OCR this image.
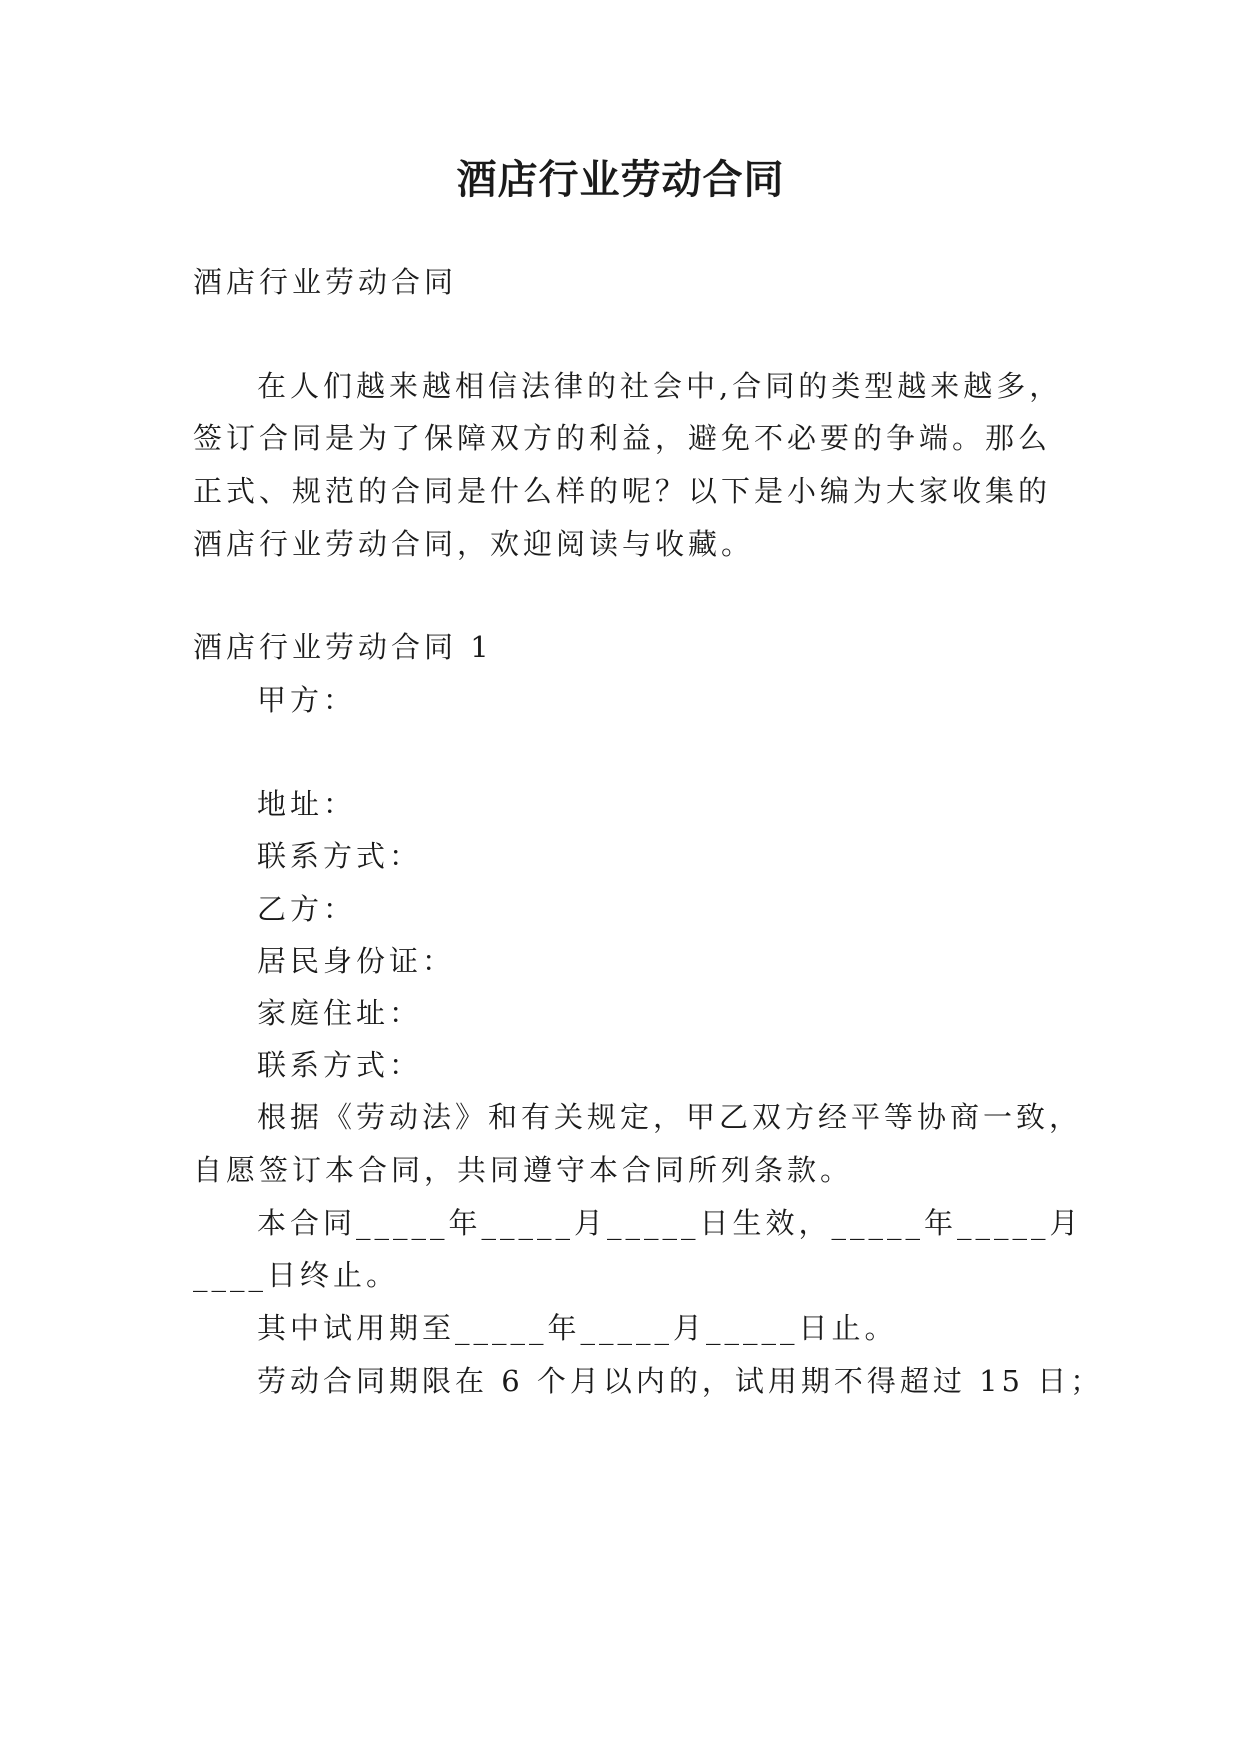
酒店行业劳动合同
酒店行业劳动合同
在人们越来越相信法律的社会中,合同的类型越来越多，
签订合同是为了保障双方的利益，避免不必要的争端。那么
正式、规范的合同是什么样的呢？以下是小编为大家收集的
酒店行业劳动合同，欢迎阅读与收藏。
酒店行业劳动合同 1
甲方：
地址：
联系方式：
乙方：
居民身份证：
家庭住址：
联系方式：
根据《劳动法》和有关规定，甲乙双方经平等协商一致，
自愿签订本合同，共同遵守本合同所列条款。
本合同_____年_____月_____日生效，_____年_____月
____日终止。
其中试用期至_____年_____月_____日止。
劳动合同期限在 6 个月以内的，试用期不得超过 15 日；
